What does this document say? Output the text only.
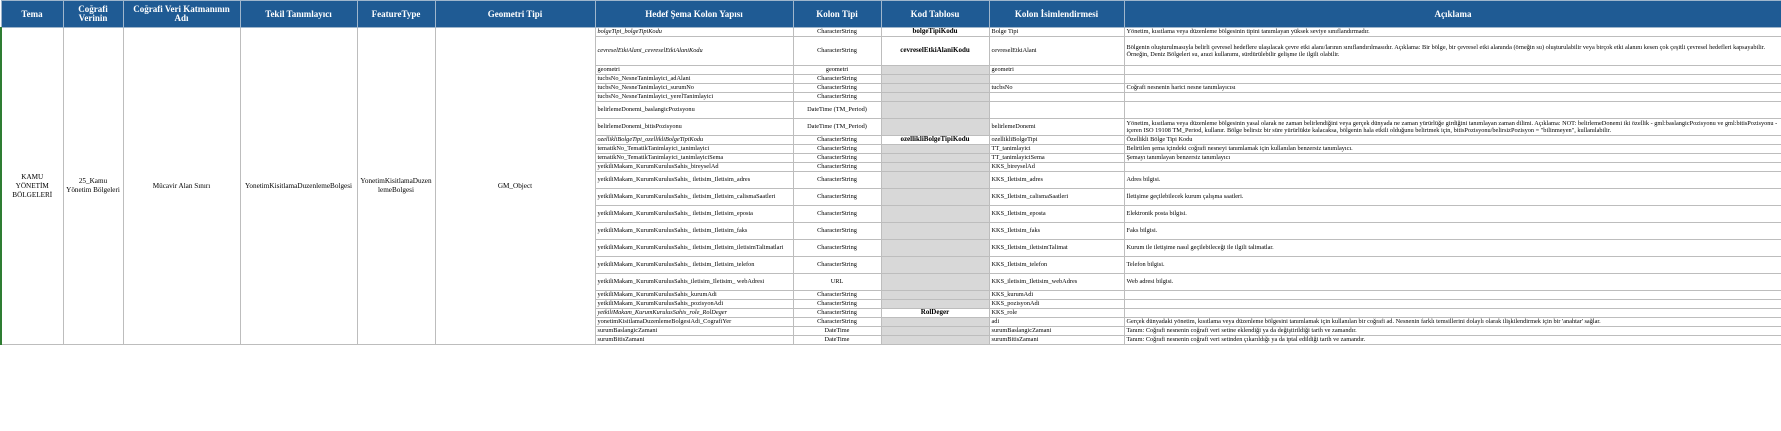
Tema	Coğrafi Verinin	Coğrafi Veri Katmanının Adı	Tekil Tanımlayıcı	FeatureType	Geometri Tipi	Hedef Şema Kolon Yapısı	Kolon Tipi	Kod Tablosu	Kolon İsimlendirmesi	Açıklama
KAMU YÖNETİM BÖLGELERİ	25_Kamu Yönetim Bölgeleri	Mücavir Alan Sınırı	YonetimKisitlamaDuzenlemeBolgesi	YonetimKisitlamaDuzenlemeBolgesi	GM_Object	bolgeTipi_bolgeTipiKodu	CharacterString	bolgeTipiKodu	Bolge Tipi	Yönetim, kısıtlama veya düzenleme bölgesinin tipini tanımlayan yüksek seviye sınıflandırmadır.
						cevreselEtkiAlani_cevreselEtkiAlaniKodu	CharacterString	cevreselEtkiAlaniKodu	cevreselEtkiAlani	Bölgenin oluşturulmasıyla belirli çevresel hedeflere ulaşılacak çevre etki alanı/larının sınıflandırılmasıdır. Açıklama: Bir bölge, bir çevresel etki alanında (örneğin su) oluşturulabilir veya birçok etki alanını kesen çok çeşitli çevresel hedefleri kapsayabilir. Örneğin, Deniz Bölgeleri su, arazi kullanımı, sürdürülebilir gelişme ile ilgili olabilir.
						geometri	geometri		geometri	
						tucbsNo_NesneTanimlayici_adAlani	CharacterString			
						tucbsNo_NesneTanimlayici_surumNo	CharacterString		tucbsNo	Coğrafi nesnenin harici nesne tanımlayıcısı
						tucbsNo_NesneTanimlayici_yerelTanimlayici	CharacterString			
						belirlemeDonemi_baslangicPozisyonu	DateTime (TM_Period)			
						belirlemeDonemi_bitisPozisyonu	DateTime (TM_Period)		belirlemeDonemi	Yönetim, kısıtlama veya düzenleme bölgesinin yasal olarak ne zaman belirlendiğini veya gerçek dünyada ne zaman yürürlüğe girdiğini tanımlayan zaman dilimi. Açıklama: NOT: belirlemeDonemi iki özellik - gml:baslangicPozisyonu ve gml:bitisPozisyonu - içeren ISO 19108 TM_Period, kullanır. Bölge belirsiz bir süre yürürlükte kalacaksa, bölgenin hala etkili olduğunu belirtmek için, bitisPozisyonu/belirsizPozisyon = "bilinmeyen", kullanılabilir.
						ozellikliBolgeTipi_ozellikliBolgeTipiKodu	CharacterString	ozellikliBolgeTipiKodu	ozellikliBolgeTipi	Özellikli Bölge Tipi Kodu
						tematikNo_TematikTanimlayici_tanimlayici	CharacterString		TT_tanimlayici	Belirtilen şema içindeki coğrafi nesneyi tanımlamak için kullanılan benzersiz tanımlayıcı.
						tematikNo_TematikTanimlayici_tanimlayiciSema	CharacterString		TT_tanimlayiciSema	Şemayı tanımlayan benzersiz tanımlayıcı
						yetkiliMakam_KurumKurulusSahis_bireyselAd	CharacterString		KKS_bireyselAd	
						yetkiliMakam_KurumKurulusSahis_ iletisim_Iletisim_adres	CharacterString		KKS_Iletisim_adres	Adres bilgisi.
						yetkiliMakam_KurumKurulusSahis_ iletisim_Iletisim_calismaSaatleri	CharacterString		KKS_Iletisim_calismaSaatleri	İletişime geçilebilecek kurum çalışma saatleri.
						yetkiliMakam_KurumKurulusSahis_ iletisim_Iletisim_eposta	CharacterString		KKS_Iletisim_eposta	Elektronik posta bilgisi.
						yetkiliMakam_KurumKurulusSahis_ iletisim_Iletisim_faks	CharacterString		KKS_Iletisim_faks	Faks bilgisi.
						yetkiliMakam_KurumKurulusSahis_ iletisim_Iletisim_iletisimTalimatlari	CharacterString		KKS_Iletisim_iletisimTalimat	Kurum ile iletişime nasıl geçilebileceği ile ilgili talimatlar.
						yetkiliMakam_KurumKurulusSahis_ iletisim_Iletisim_telefon	CharacterString		KKS_Iletisim_telefon	Telefon bilgisi.
						yetkiliMakam_KurumKurulusSahis_iletisim_Iletisim_ webAdresi	URL		KKS_iletisim_Iletisim_webAdres	Web adresi bilgisi.
						yetkiliMakam_KurumKurulusSahis_kurumAdi	CharacterString		KKS_kurumAdi	
						yetkiliMakam_KurumKurulusSahis_pozisyonAdi	CharacterString		KKS_pozisyonAdi	
						yetkiliMakam_KurumKurulusSahis_role_RolDeger	CharacterString	RolDeger	KKS_role	
						yonetimKisitlamaDuzenlemeBolgesiAdi_CografiYer	CharacterString		adi	Gerçek dünyadaki yönetim, kısıtlama veya düzenleme bölgesini tanımlamak için kullanılan bir coğrafi ad. Nesnenin farklı temsillerini dolaylı olarak ilişkilendirmek için bir 'anahtar' sağlar.
						surumBaslangicZamani	DateTime		surumBaslangicZamani	Tanım: Coğrafi nesnenin coğrafi veri setine eklendiği ya da değiştirildiği tarih ve zamandır.
						surumBitisZamani	DateTime		surumBitisZamani	Tanım: Coğrafi nesnenin coğrafi veri setinden çıkarıldığı ya da iptal edildiği tarih ve zamandır.
